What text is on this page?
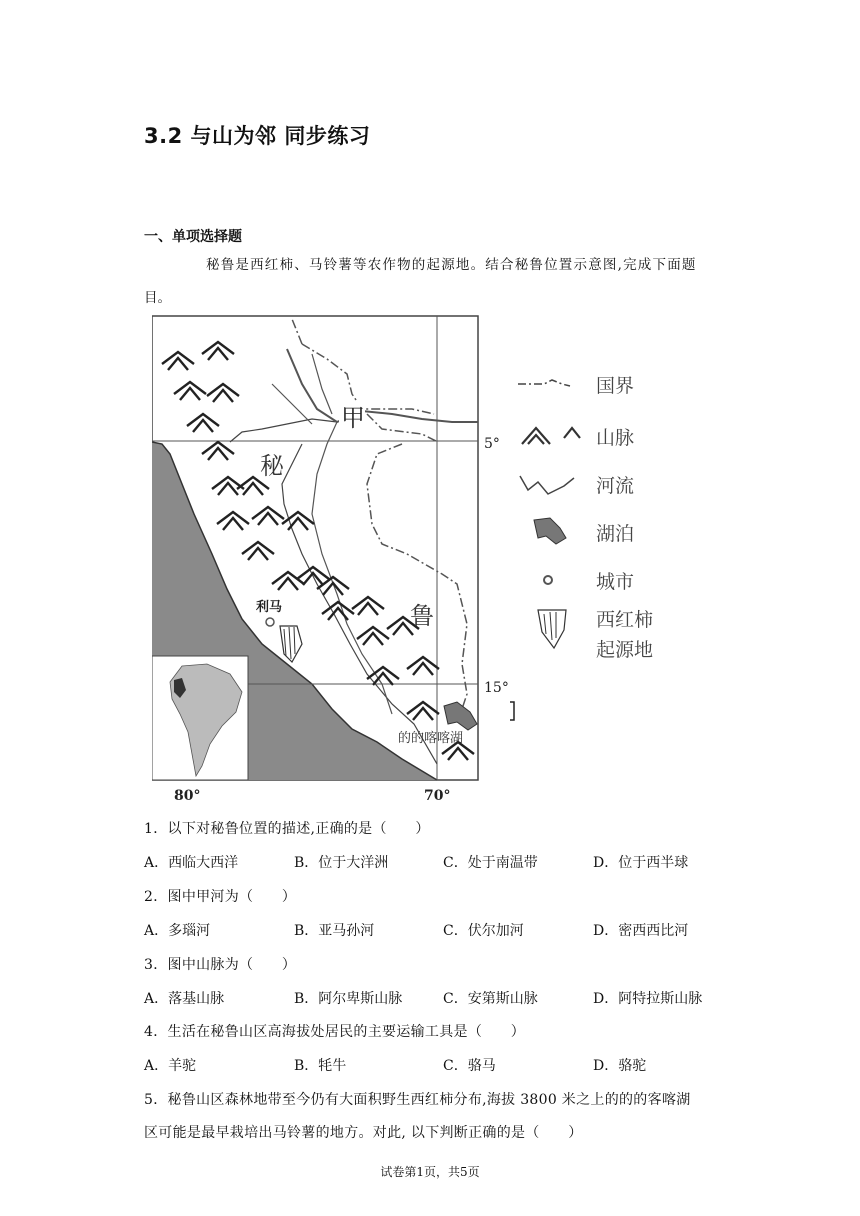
3.2 与山为邻 同步练习
一、单项选择题
秘鲁是西红柿、马铃薯等农作物的起源地。结合秘鲁位置示意图,完成下面题
目。
甲
秘
鲁
利马
的的喀喀湖
5°
15°
80°	70°
国界
山脉
河流
湖泊
城市
西红柿
起源地
1．以下对秘鲁位置的描述,正确的是（　　）
A．西临大西洋	B．位于大洋洲	C．处于南温带	D．位于西半球
2．图中甲河为（　　）
A．多瑙河	B．亚马孙河	C．伏尔加河	D．密西西比河
3．图中山脉为（　　）
A．落基山脉	B．阿尔卑斯山脉	C．安第斯山脉	D．阿特拉斯山脉
4．生活在秘鲁山区高海拔处居民的主要运输工具是（　　）
A．羊驼	B．牦牛	C．骆马	D．骆驼
5．秘鲁山区森林地带至今仍有大面积野生西红柿分布,海拔 3800 米之上的的的客喀湖
区可能是最早栽培出马铃薯的地方。对此, 以下判断正确的是（　　）
试卷第1页，共5页
